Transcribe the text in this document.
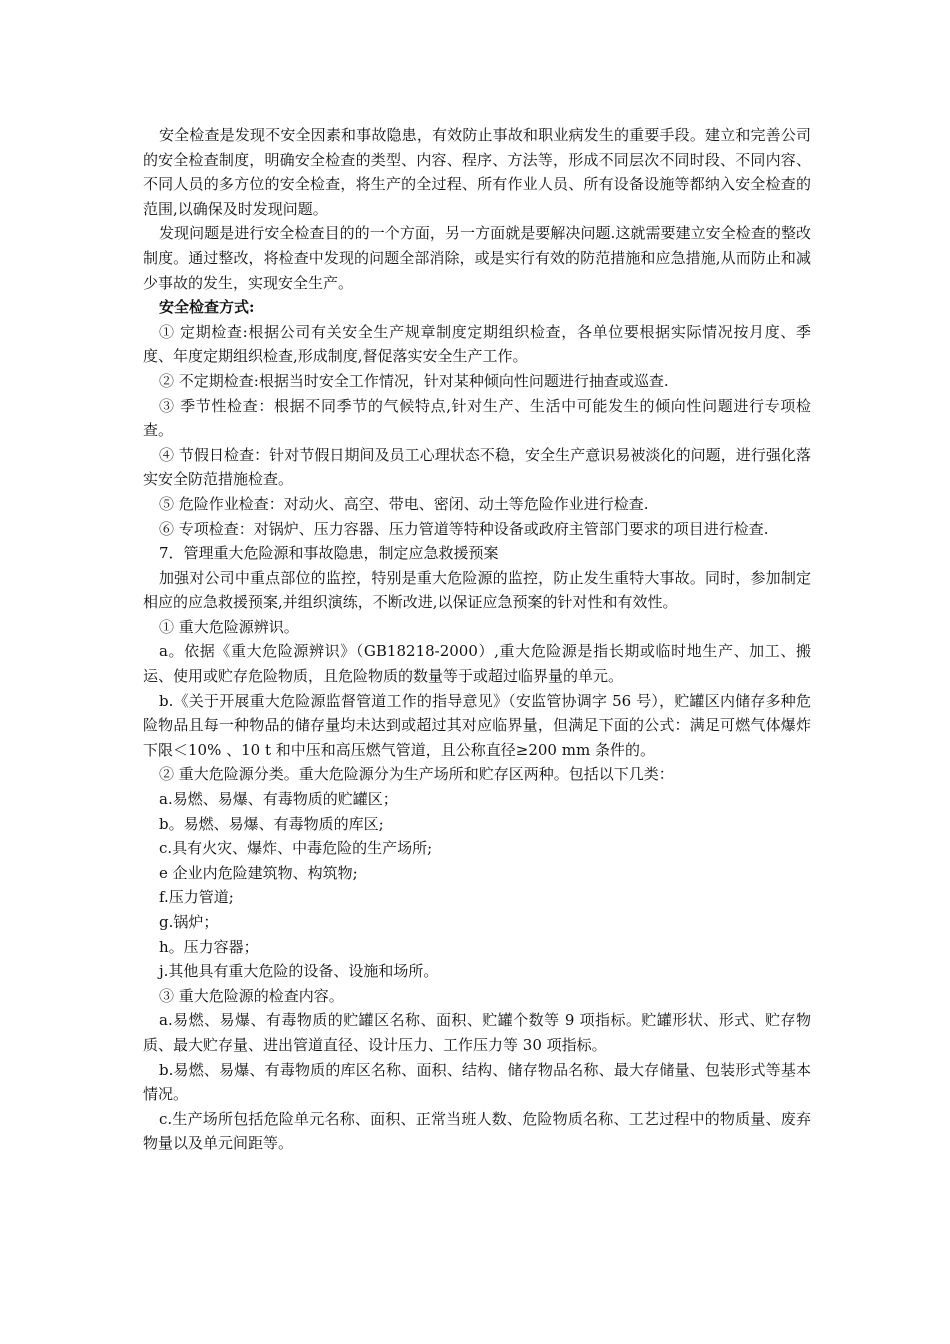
安全检查是发现不安全因素和事故隐患，有效防止事故和职业病发生的重要手段。建立和完善公司的安全检查制度，明确安全检查的类型、内容、程序、方法等，形成不同层次不同时段、不同内容、不同人员的多方位的安全检查，将生产的全过程、所有作业人员、所有设备设施等都纳入安全检查的范围,以确保及时发现问题。

发现问题是进行安全检查目的的一个方面，另一方面就是要解决问题.这就需要建立安全检查的整改制度。通过整改，将检查中发现的问题全部消除，或是实行有效的防范措施和应急措施,从而防止和减少事故的发生，实现安全生产。

安全检查方式:

① 定期检查:根据公司有关安全生产规章制度定期组织检查，各单位要根据实际情况按月度、季度、年度定期组织检查,形成制度,督促落实安全生产工作。

② 不定期检查:根据当时安全工作情况，针对某种倾向性问题进行抽查或巡查.

③ 季节性检查：根据不同季节的气候特点,针对生产、生活中可能发生的倾向性问题进行专项检查。

④ 节假日检查：针对节假日期间及员工心理状态不稳，安全生产意识易被淡化的问题，进行强化落实安全防范措施检查。

⑤ 危险作业检查：对动火、高空、带电、密闭、动土等危险作业进行检查.

⑥ 专项检查：对锅炉、压力容器、压力管道等特种设备或政府主管部门要求的项目进行检查.

7．管理重大危险源和事故隐患，制定应急救援预案

加强对公司中重点部位的监控，特别是重大危险源的监控，防止发生重特大事故。同时，参加制定相应的应急救援预案,并组织演练，不断改进,以保证应急预案的针对性和有效性。

① 重大危险源辨识。

a。依据《重大危险源辨识》（GB18218-2000）,重大危险源是指长期或临时地生产、加工、搬运、使用或贮存危险物质，且危险物质的数量等于或超过临界量的单元。

b.《关于开展重大危险源监督管道工作的指导意见》（安监管协调字 56 号），贮罐区内储存多种危险物品且每一种物品的储存量均未达到或超过其对应临界量，但满足下面的公式：满足可燃气体爆炸下限＜10% 、10 t 和中压和高压燃气管道，且公称直径≥200 mm 条件的。

② 重大危险源分类。重大危险源分为生产场所和贮存区两种。包括以下几类：

a.易燃、易爆、有毒物质的贮罐区；

b。易燃、易爆、有毒物质的库区;

c.具有火灾、爆炸、中毒危险的生产场所;

e 企业内危险建筑物、构筑物;

f.压力管道;

g.锅炉；

h。压力容器；

j.其他具有重大危险的设备、设施和场所。

③ 重大危险源的检查内容。

a.易燃、易爆、有毒物质的贮罐区名称、面积、贮罐个数等 9 项指标。贮罐形状、形式、贮存物质、最大贮存量、进出管道直径、设计压力、工作压力等 30 项指标。

b.易燃、易爆、有毒物质的库区名称、面积、结构、储存物品名称、最大存储量、包装形式等基本情况。

c.生产场所包括危险单元名称、面积、正常当班人数、危险物质名称、工艺过程中的物质量、废弃物量以及单元间距等。
